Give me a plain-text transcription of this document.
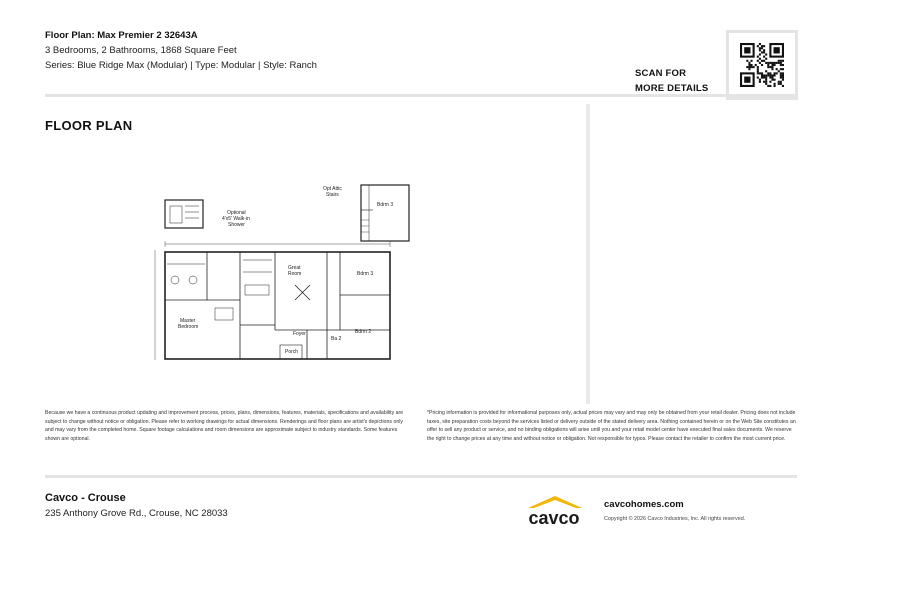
Floor Plan: Max Premier 2 32643A
3 Bedrooms, 2 Bathrooms, 1868 Square Feet
Series: Blue Ridge Max (Modular) | Type: Modular | Style: Ranch
SCAN FOR
MORE DETAILS
FLOOR PLAN
Opt Attic Stairs
Bdrm 3
Optional 4'x5' Walk-in Shower
Great Room	Bdrm 3
Master Bedroom
Foyer
Porch
Bdrm 2
Ba 2
Because we have a continuous product updating and improvement process, prices, plans, dimensions, features, materials, specifications and availability are subject to change without notice or obligation. Please refer to working drawings for actual dimensions. Renderings and floor plans are artist's depictions only and may vary from the completed home. Square footage calculations and room dimensions are approximate subject to industry standards. Some features shown are optional.
*Pricing information is provided for informational purposes only, actual prices may vary and may only be obtained from your retail dealer. Pricing does not include taxes, site preparation costs beyond the services listed or delivery outside of the stated delivery area. Nothing contained herein or on the Web Site constitutes an offer to sell any product or service, and no binding obligations will arise until you and your retail model center have executed final sales documents. We reserve the right to change prices at any time and without notice or obligation. Not responsible for typos. Please contact the retailer to confirm the most current price.
Cavco - Crouse
235 Anthony Grove Rd., Crouse, NC 28033	cavco
cavcohomes.com
Copyright © 2026 Cavco Industries, Inc. All rights reserved.
